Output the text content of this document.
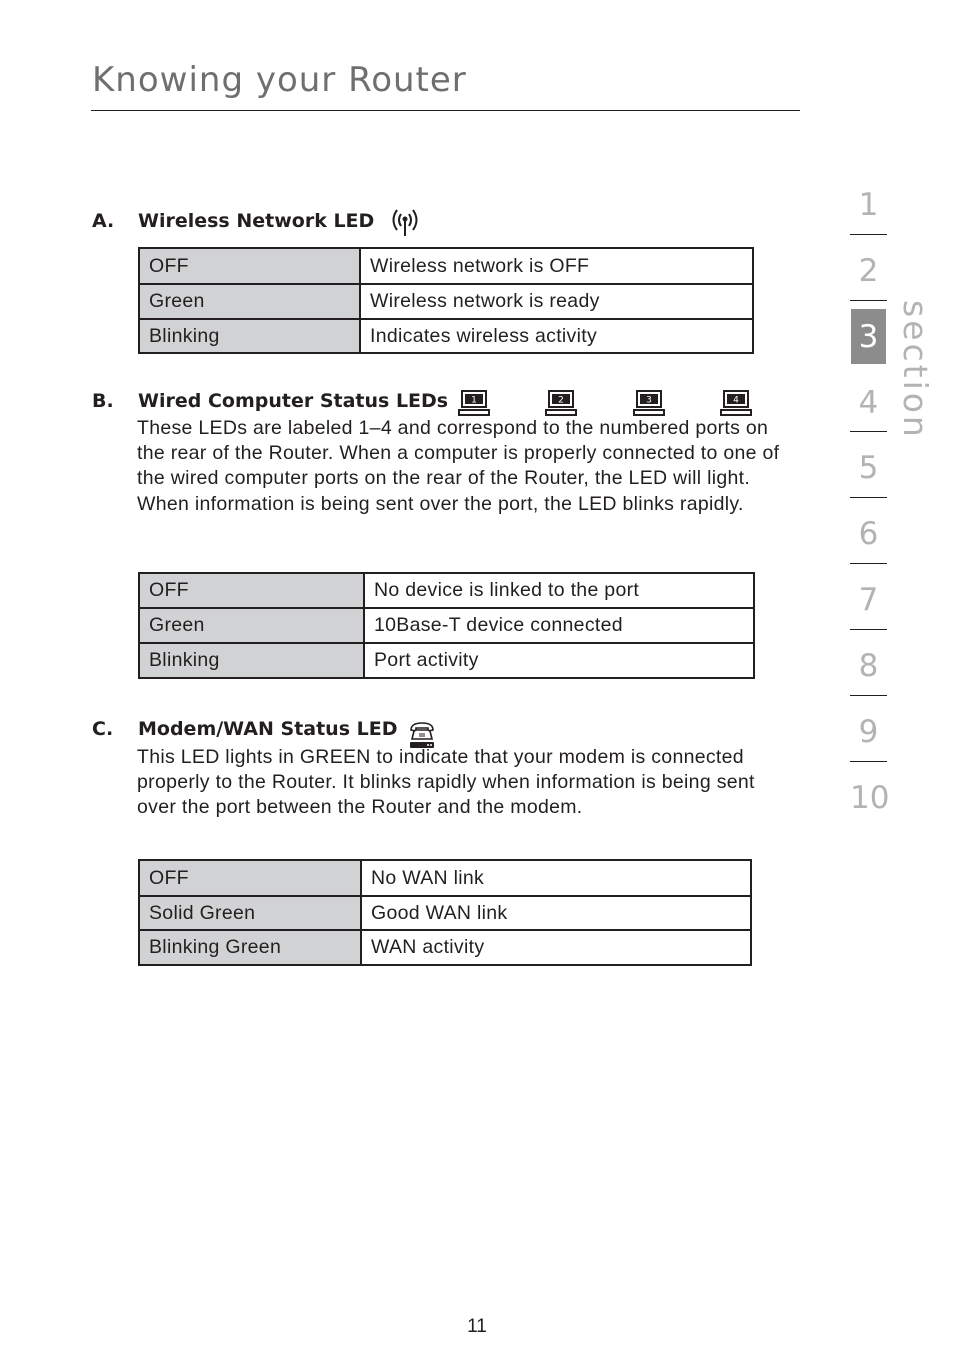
Knowing your Router
A. Wireless Network LED
OFF	Wireless network is OFF
Green	Wireless network is ready
Blinking	Indicates wireless activity
B. Wired Computer Status LEDs	1	2	3	4

These LEDs are labeled 1–4 and correspond to the numbered ports on the rear of the Router. When a computer is properly connected to one of the wired computer ports on the rear of the Router, the LED will light. When information is being sent over the port, the LED blinks rapidly.

OFF	No device is linked to the port
Green	10Base-T device connected
Blinking	Port activity
C. Modem/WAN Status LED

This LED lights in GREEN to indicate that your modem is connected properly to the Router. It blinks rapidly when information is being sent over the port between the Router and the modem.

OFF	No WAN link
Solid Green	Good WAN link
Blinking Green	WAN activity
1
2
3
4
5
6
7
8
9
10
section
11
